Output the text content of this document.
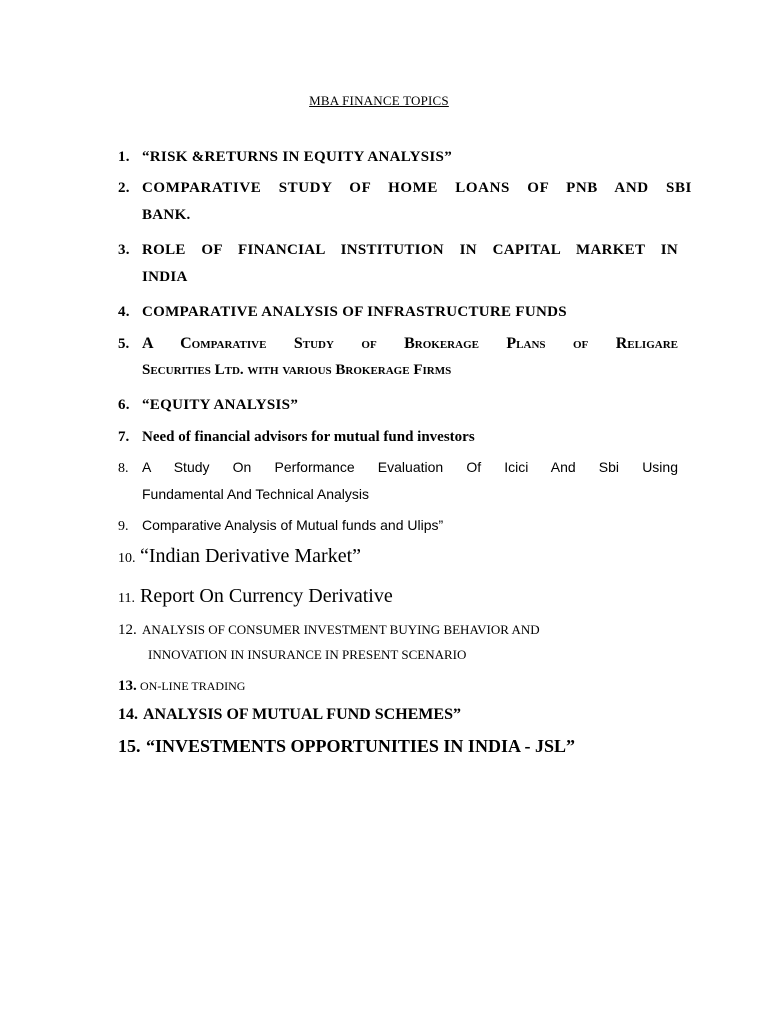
MBA FINANCE TOPICS
1. “RISK &RETURNS IN EQUITY ANALYSIS”
2. COMPARATIVE STUDY OF HOME LOANS OF PNB AND SBI
BANK.
3. ROLE OF FINANCIAL INSTITUTION IN CAPITAL MARKET IN
INDIA
4. COMPARATIVE ANALYSIS OF INFRASTRUCTURE FUNDS
5. A Comparative Study of Brokerage Plans of Religare
Securities Ltd. with various Brokerage Firms
6. “EQUITY ANALYSIS”
7. Need of financial advisors for mutual fund investors
8. A Study On Performance Evaluation Of Icici And Sbi Using
Fundamental And Technical Analysis
9. Comparative Analysis of Mutual funds and Ulips”
10. “Indian Derivative Market”
11. Report On Currency Derivative
12. ANALYSIS OF CONSUMER INVESTMENT BUYING BEHAVIOR AND
INNOVATION IN INSURANCE IN PRESENT SCENARIO
13. ON-LINE TRADING
14. ANALYSIS OF MUTUAL FUND SCHEMES”
15. “INVESTMENTS OPPORTUNITIES IN INDIA - JSL”
